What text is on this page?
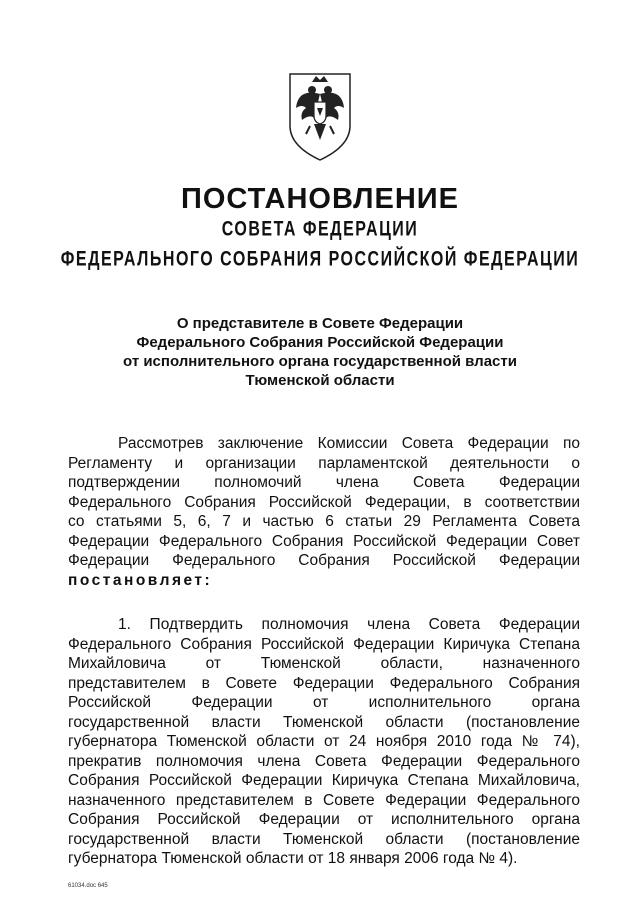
ПОСТАНОВЛЕНИЕ
СОВЕТА ФЕДЕРАЦИИ
ФЕДЕРАЛЬНОГО СОБРАНИЯ РОССИЙСКОЙ ФЕДЕРАЦИИ
О представителе в Совете Федерации
Федерального Собрания Российской Федерации
от исполнительного органа государственной власти
Тюменской области
Рассмотрев заключение Комиссии Совета Федерации по
Регламенту и организации парламентской деятельности о
подтверждении полномочий члена Совета Федерации
Федерального Собрания Российской Федерации, в соответствии
со статьями 5, 6, 7 и частью 6 статьи 29 Регламента Совета
Федерации Федерального Собрания Российской Федерации Совет
Федерации Федерального Собрания Российской Федерации
постановляет:
1. Подтвердить полномочия члена Совета Федерации
Федерального Собрания Российской Федерации Киричука Степана
Михайловича от Тюменской области, назначенного
представителем в Совете Федерации Федерального Собрания
Российской Федерации от исполнительного органа
государственной власти Тюменской области (постановление
губернатора Тюменской области от 24 ноября 2010 года № 74),
прекратив полномочия члена Совета Федерации Федерального
Собрания Российской Федерации Киричука Степана Михайловича,
назначенного представителем в Совете Федерации Федерального
Собрания Российской Федерации от исполнительного органа
государственной власти Тюменской области (постановление
губернатора Тюменской области от 18 января 2006 года № 4).
61034.doc 645
